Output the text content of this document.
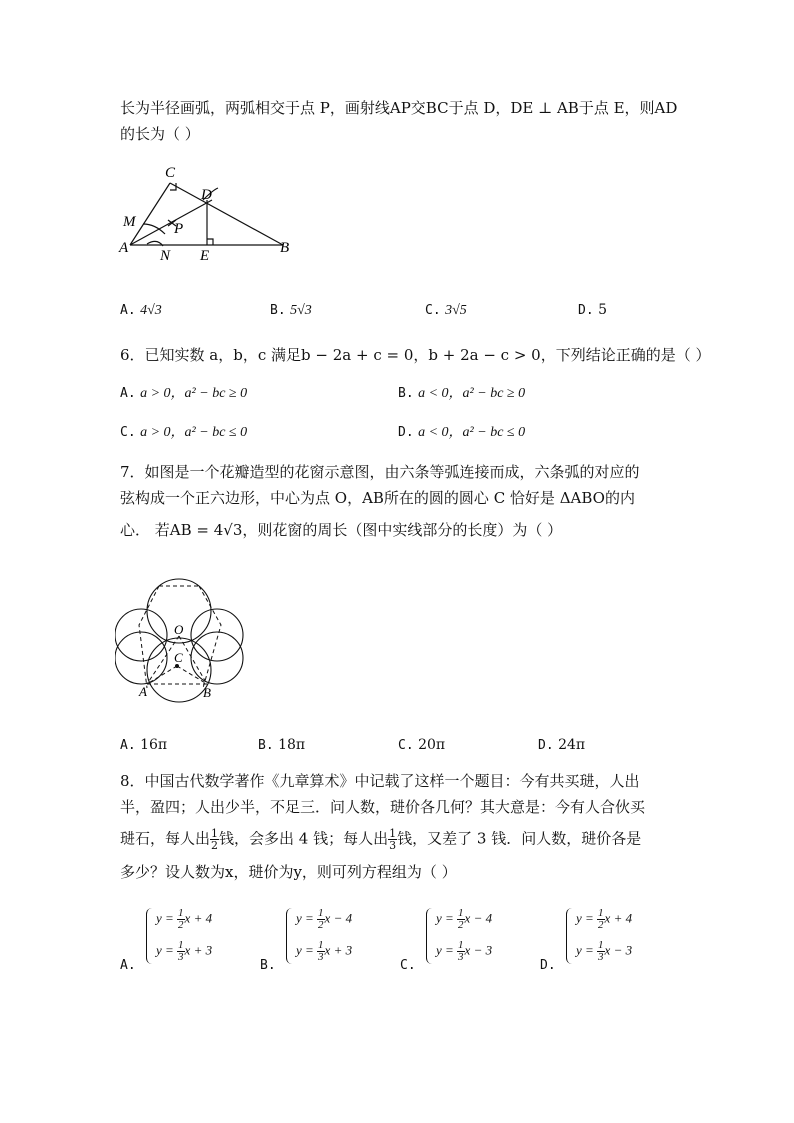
长为半径画弧，两弧相交于点 P，画射线AP交BC于点 D，DE ⊥ AB于点 E，则AD
的长为（ ）
C
D
M	P
A N E	B
A. 4√3	B. 5√3	C. 3√5	D. 5
6．已知实数 a，b，c 满足b − 2a + c = 0，b + 2a − c > 0，下列结论正确的是（ ）
A. a > 0，a² − bc ≥ 0	B. a < 0，a² − bc ≥ 0
C. a > 0，a² − bc ≤ 0	D. a < 0，a² − bc ≤ 0
7．如图是一个花瓣造型的花窗示意图，由六条等弧连接而成，六条弧的对应的
弦构成一个正六边形，中心为点 O，AB所在的圆的圆心 C 恰好是 ΔABO的内
心． 若AB = 4√3，则花窗的周长（图中实线部分的长度）为（ ）
O
C
A	B
A. 16π	B. 18π	C. 20π	D. 24π
8．中国古代数学著作《九章算术》中记载了这样一个题目：今有共买琎，人出
半，盈四；人出少半，不足三．问人数，琎价各几何？其大意是：今有人合伙买
琎石，每人出 $\frac{1}{2}$ 钱，会多出 4 钱；每人出 $\frac{1}{3}$ 钱，又差了 3 钱．问人数，琎价各是
多少？设人数为x，琎价为y，则可列方程组为（ ）
A.
$y = \frac{1}{2}$ x + 4
$y = \frac{1}{3}$ x + 3
B.
$y = \frac{1}{2}$ x − 4
$y = \frac{1}{3}$ x + 3
C.
$y = \frac{1}{2}$ x − 4
$y = \frac{1}{3}$ x − 3
D.
$y = \frac{1}{2}$ x + 4
$y = \frac{1}{3}$ x − 3
